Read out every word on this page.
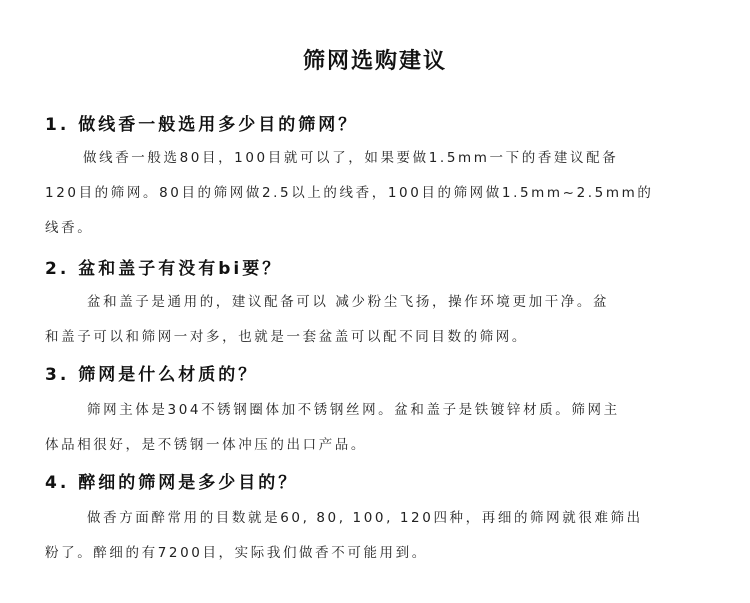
筛网选购建议
1. 做线香一般选用多少目的筛网？
做线香一般选80目，100目就可以了，如果要做1.5mm一下的香建议配备
120目的筛网。80目的筛网做2.5以上的线香，100目的筛网做1.5mm~2.5mm的
线香。
2. 盆和盖子有没有bi要？
盆和盖子是通用的，建议配备可以 减少粉尘飞扬，操作环境更加干净。盆
和盖子可以和筛网一对多，也就是一套盆盖可以配不同目数的筛网。
3. 筛网是什么材质的？
筛网主体是304不锈钢圈体加不锈钢丝网。盆和盖子是铁镀锌材质。筛网主
体品相很好，是不锈钢一体冲压的出口产品。
4. 醉细的筛网是多少目的？
做香方面醉常用的目数就是60, 80, 100, 120四种，再细的筛网就很难筛出
粉了。醉细的有7200目，实际我们做香不可能用到。
